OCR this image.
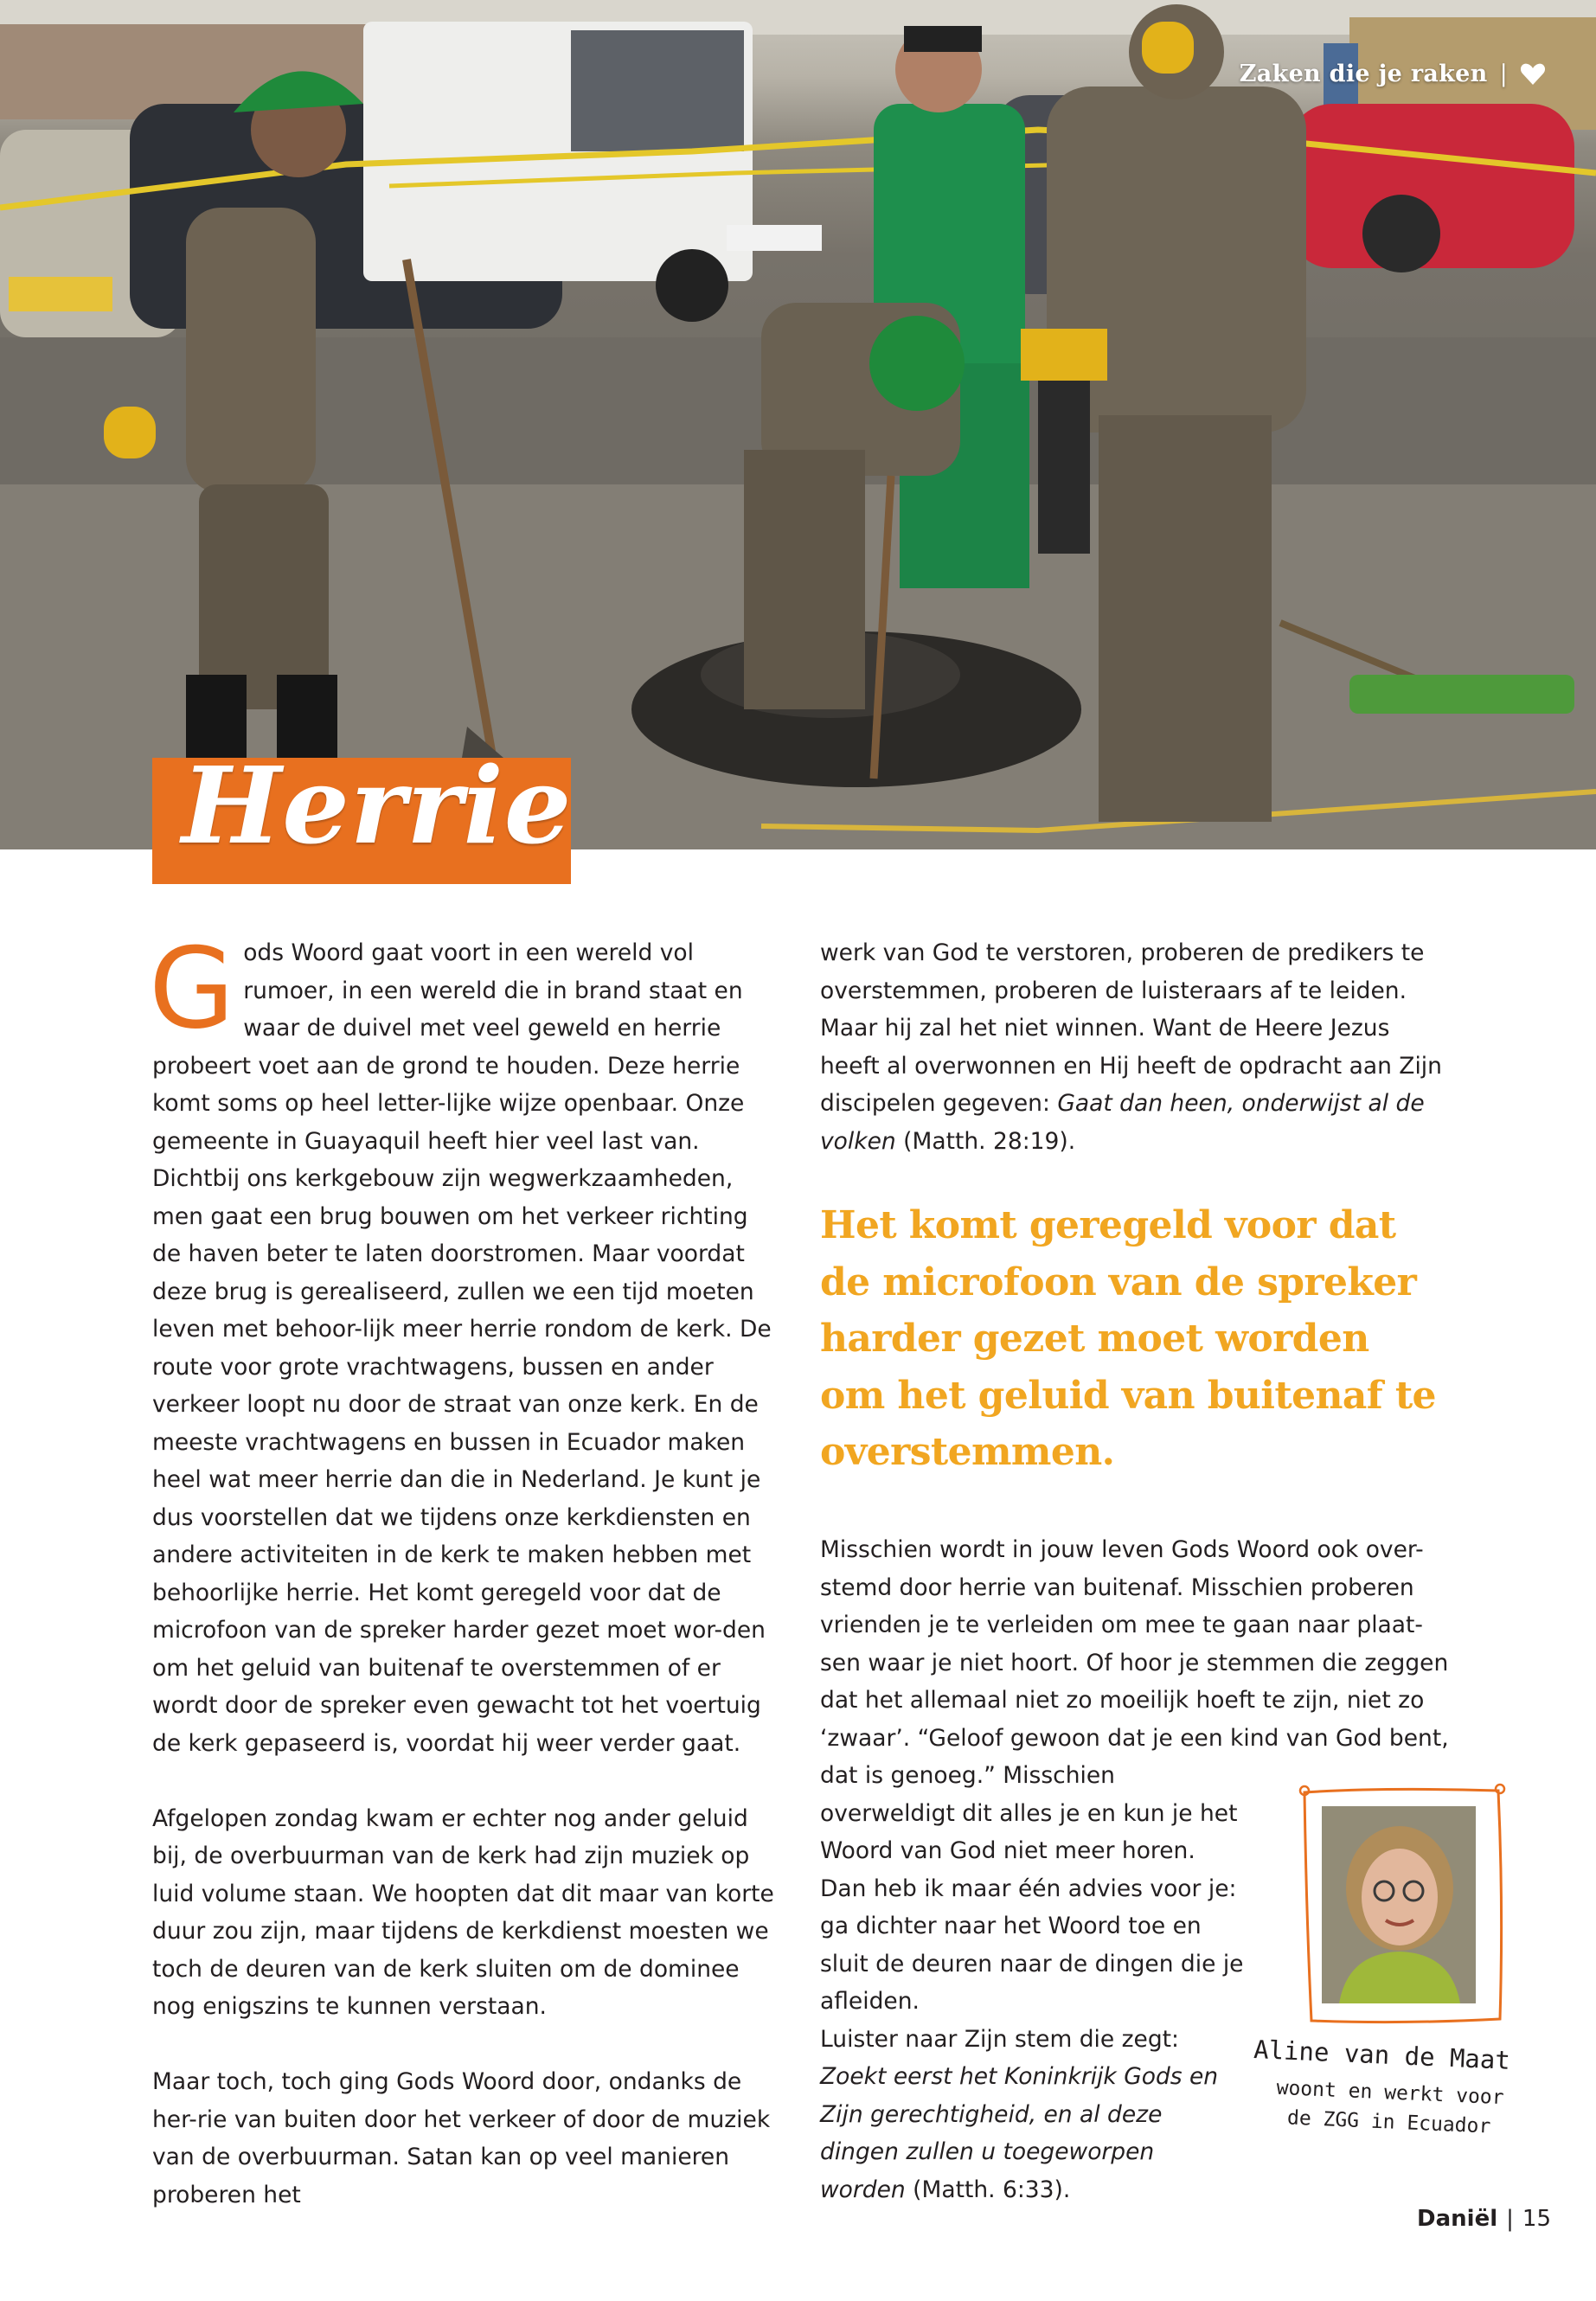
Zaken die je raken |
Herrie

Gods Woord gaat voort in een wereld vol rumoer, in een wereld die in brand staat en waar de duivel met veel geweld en herrie probeert voet aan de grond te houden. Deze herrie komt soms op heel letter-lijke wijze openbaar. Onze gemeente in Guayaquil heeft hier veel last van.

Dichtbij ons kerkgebouw zijn wegwerkzaamheden, men gaat een brug bouwen om het verkeer richting de haven beter te laten doorstromen. Maar voordat deze brug is gerealiseerd, zullen we een tijd moeten leven met behoor-lijk meer herrie rondom de kerk. De route voor grote vrachtwagens, bussen en ander verkeer loopt nu door de straat van onze kerk. En de meeste vrachtwagens en bussen in Ecuador maken heel wat meer herrie dan die in Nederland. Je kunt je dus voorstellen dat we tijdens onze kerkdiensten en andere activiteiten in de kerk te maken hebben met behoorlijke herrie. Het komt geregeld voor dat de microfoon van de spreker harder gezet moet wor-den om het geluid van buitenaf te overstemmen of er wordt door de spreker even gewacht tot het voertuig de kerk gepaseerd is, voordat hij weer verder gaat.

Afgelopen zondag kwam er echter nog ander geluid bij, de overbuurman van de kerk had zijn muziek op luid volume staan. We hoopten dat dit maar van korte duur zou zijn, maar tijdens de kerkdienst moesten we toch de deuren van de kerk sluiten om de dominee nog enigszins te kunnen verstaan.

Maar toch, toch ging Gods Woord door, ondanks de her-rie van buiten door het verkeer of door de muziek van de overbuurman. Satan kan op veel manieren proberen het

werk van God te verstoren, proberen de predikers te overstemmen, proberen de luisteraars af te leiden. Maar hij zal het niet winnen. Want de Heere Jezus heeft al overwonnen en Hij heeft de opdracht aan Zijn discipelen gegeven: Gaat dan heen, onderwijst al de volken (Matth. 28:19).

Het komt geregeld voor dat

de microfoon van de spreker

harder gezet moet worden

om het geluid van buitenaf te

overstemmen.

Misschien wordt in jouw leven Gods Woord ook over-stemd door herrie van buitenaf. Misschien proberen vrienden je te verleiden om mee te gaan naar plaat-sen waar je niet hoort. Of hoor je stemmen die zeggen dat het allemaal niet zo moeilijk hoeft te zijn, niet zo ‘zwaar’. “Geloof gewoon dat je een kind van God bent,

dat is genoeg.” Misschien overweldigt dit alles je en kun je het Woord van God niet meer horen. Dan heb ik maar één advies voor je: ga dichter naar het Woord toe en sluit de deuren naar de dingen die je afleiden.

Luister naar Zijn stem die zegt: Zoekt eerst het Koninkrijk Gods en Zijn gerechtigheid, en al deze dingen zullen u toegeworpen worden (Matth. 6:33).

Aline van de Maat
woont en werkt voor
de ZGG in Ecuador
Daniël | 15
